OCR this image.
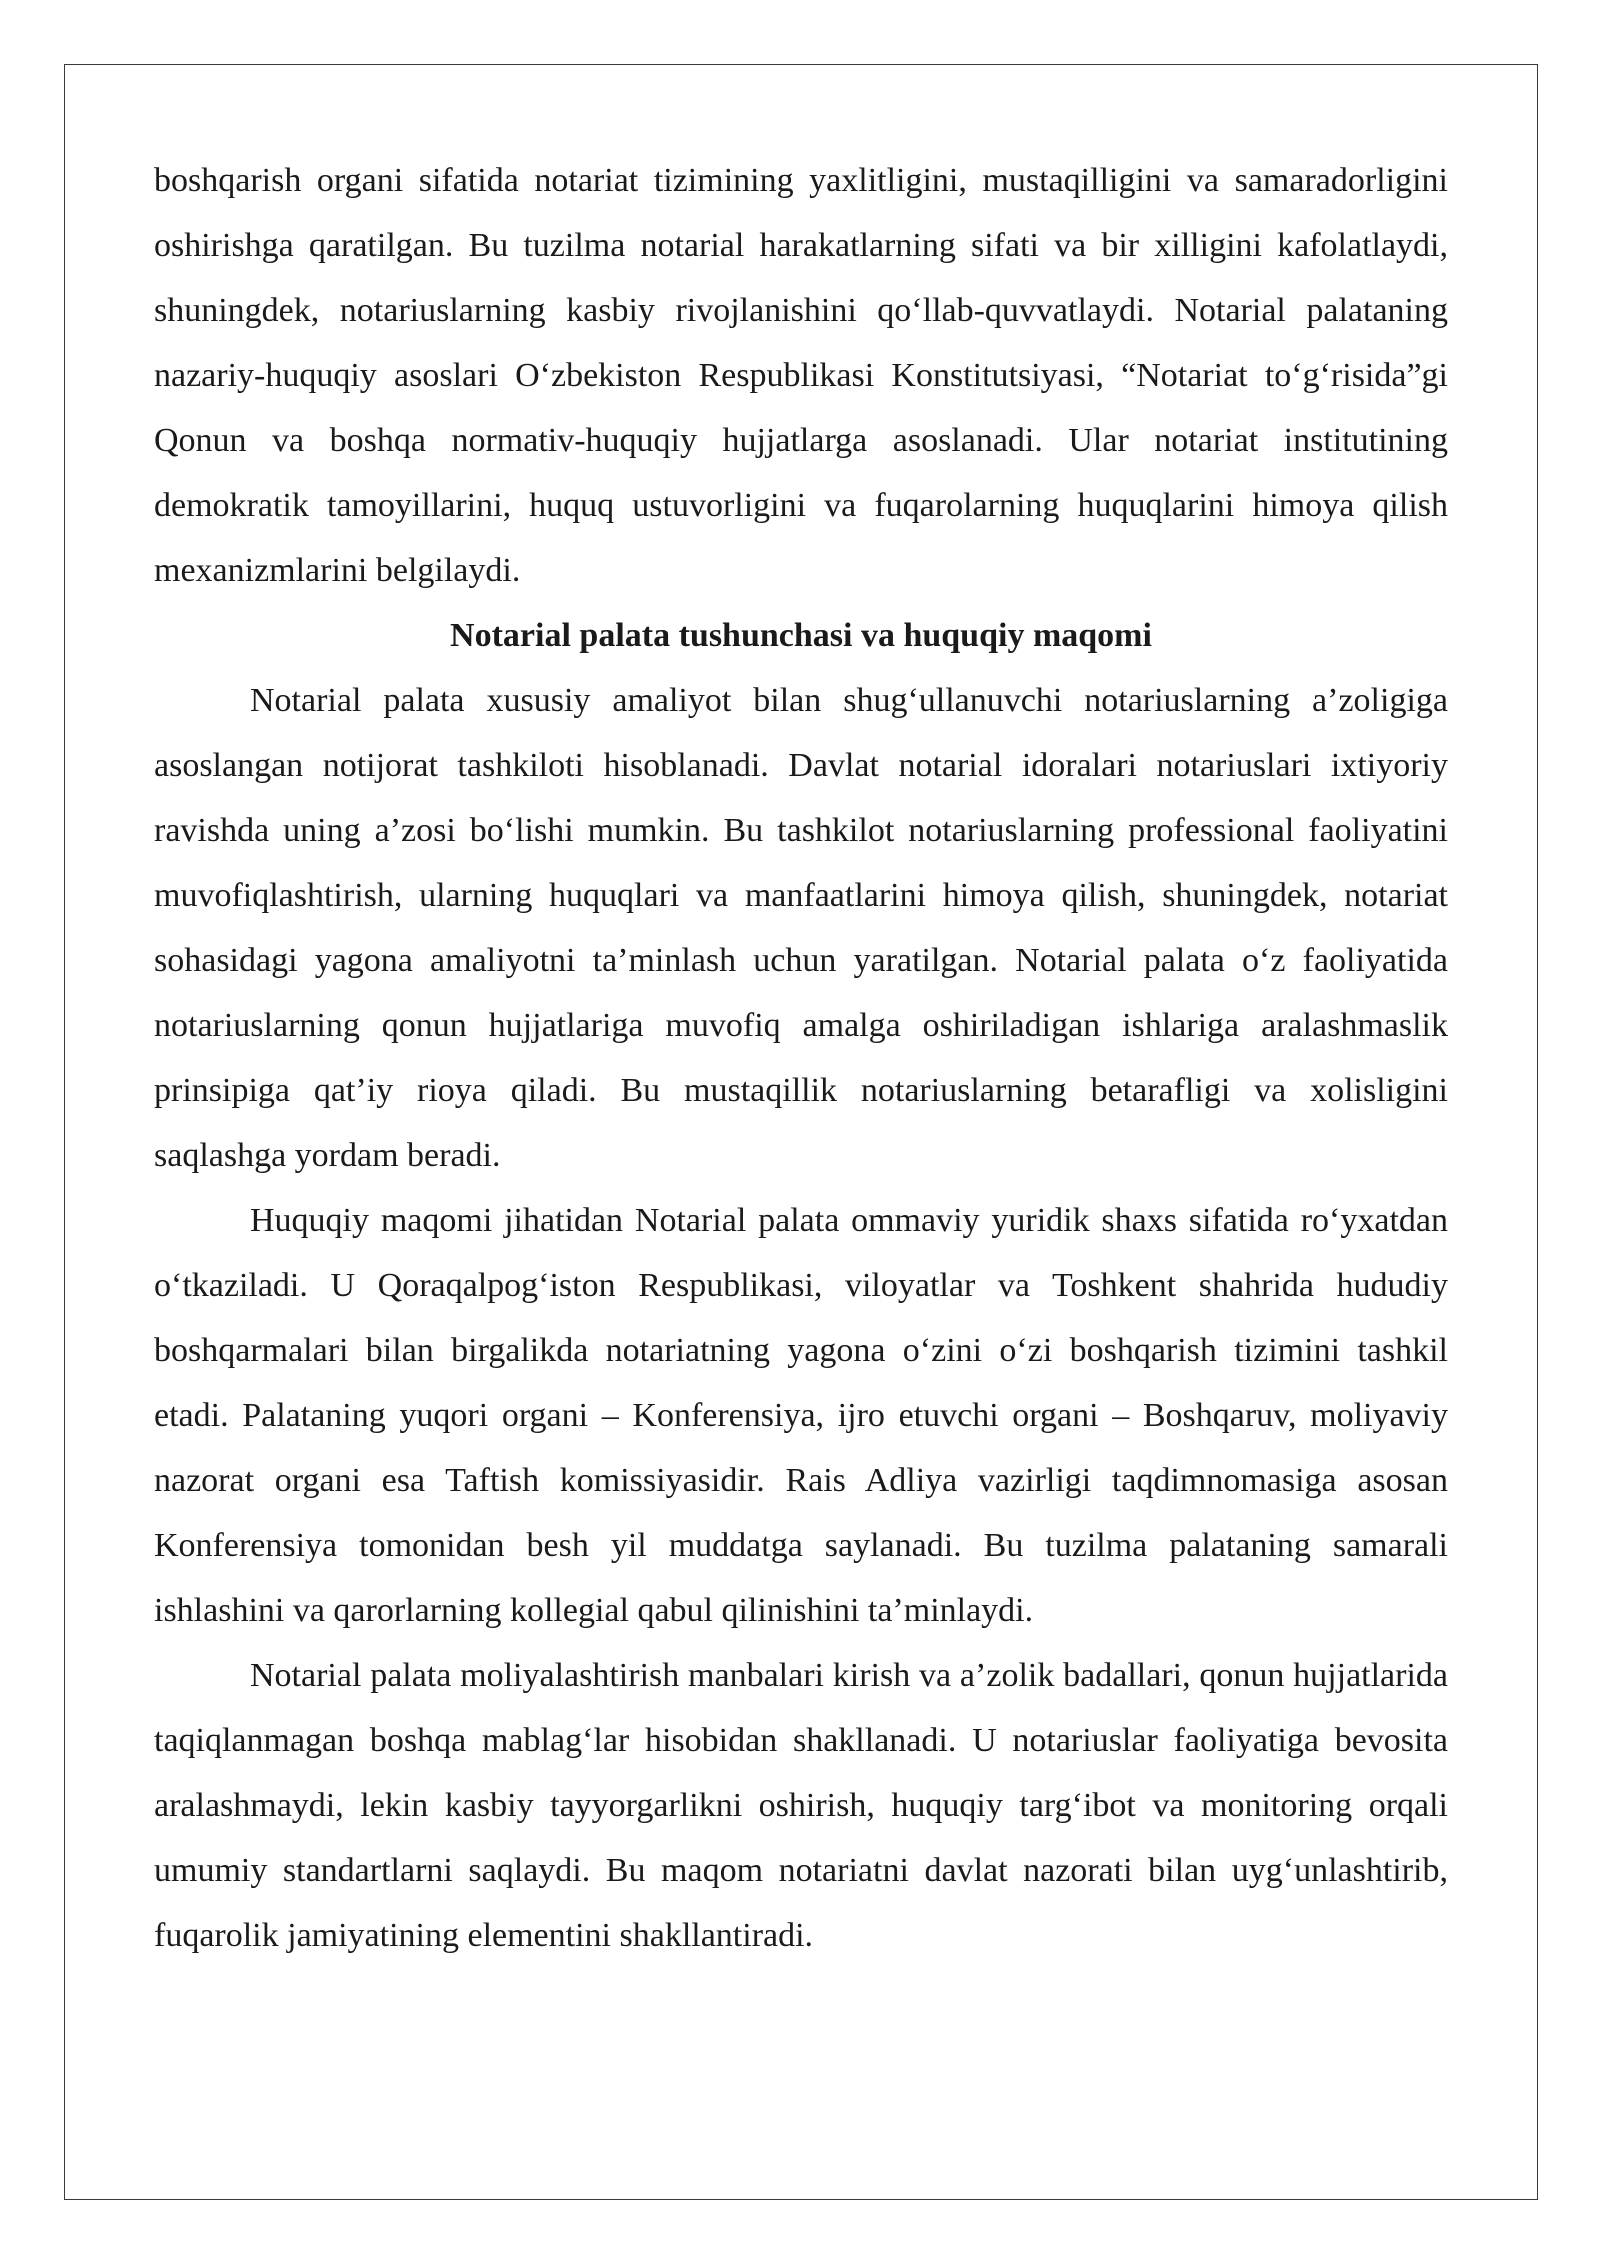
boshqarish organi sifatida notariat tizimining yaxlitligini, mustaqilligini va samaradorligini oshirishga qaratilgan. Bu tuzilma notarial harakatlarning sifati va bir xilligini kafolatlaydi, shuningdek, notariuslarning kasbiy rivojlanishini qo‘llab-quvvatlaydi. Notarial palataning nazariy-huquqiy asoslari O‘zbekiston Respublikasi Konstitutsiyasi, “Notariat to‘g‘risida”gi Qonun va boshqa normativ-huquqiy hujjatlarga asoslanadi. Ular notariat institutining demokratik tamoyillarini, huquq ustuvorligini va fuqarolarning huquqlarini himoya qilish mexanizmlarini belgilaydi.

Notarial palata tushunchasi va huquqiy maqomi

Notarial palata xususiy amaliyot bilan shug‘ullanuvchi notariuslarning a’zoligiga asoslangan notijorat tashkiloti hisoblanadi. Davlat notarial idoralari notariuslari ixtiyoriy ravishda uning a’zosi bo‘lishi mumkin. Bu tashkilot notariuslarning professional faoliyatini muvofiqlashtirish, ularning huquqlari va manfaatlarini himoya qilish, shuningdek, notariat sohasidagi yagona amaliyotni ta’minlash uchun yaratilgan. Notarial palata o‘z faoliyatida notariuslarning qonun hujjatlariga muvofiq amalga oshiriladigan ishlariga aralashmaslik prinsipiga qat’iy rioya qiladi. Bu mustaqillik notariuslarning betarafligi va xolisligini saqlashga yordam beradi.

Huquqiy maqomi jihatidan Notarial palata ommaviy yuridik shaxs sifatida ro‘yxatdan o‘tkaziladi. U Qoraqalpog‘iston Respublikasi, viloyatlar va Toshkent shahrida hududiy boshqarmalari bilan birgalikda notariatning yagona o‘zini o‘zi boshqarish tizimini tashkil etadi. Palataning yuqori organi – Konferensiya, ijro etuvchi organi – Boshqaruv, moliyaviy nazorat organi esa Taftish komissiyasidir. Rais Adliya vazirligi taqdimnomasiga asosan Konferensiya tomonidan besh yil muddatga saylanadi. Bu tuzilma palataning samarali ishlashini va qarorlarning kollegial qabul qilinishini ta’minlaydi.

Notarial palata moliyalashtirish manbalari kirish va a’zolik badallari, qonun hujjatlarida taqiqlanmagan boshqa mablag‘lar hisobidan shakllanadi. U notariuslar faoliyatiga bevosita aralashmaydi, lekin kasbiy tayyorgarlikni oshirish, huquqiy targ‘ibot va monitoring orqali umumiy standartlarni saqlaydi. Bu maqom notariatni davlat nazorati bilan uyg‘unlashtirib, fuqarolik jamiyatining elementini shakllantiradi.
